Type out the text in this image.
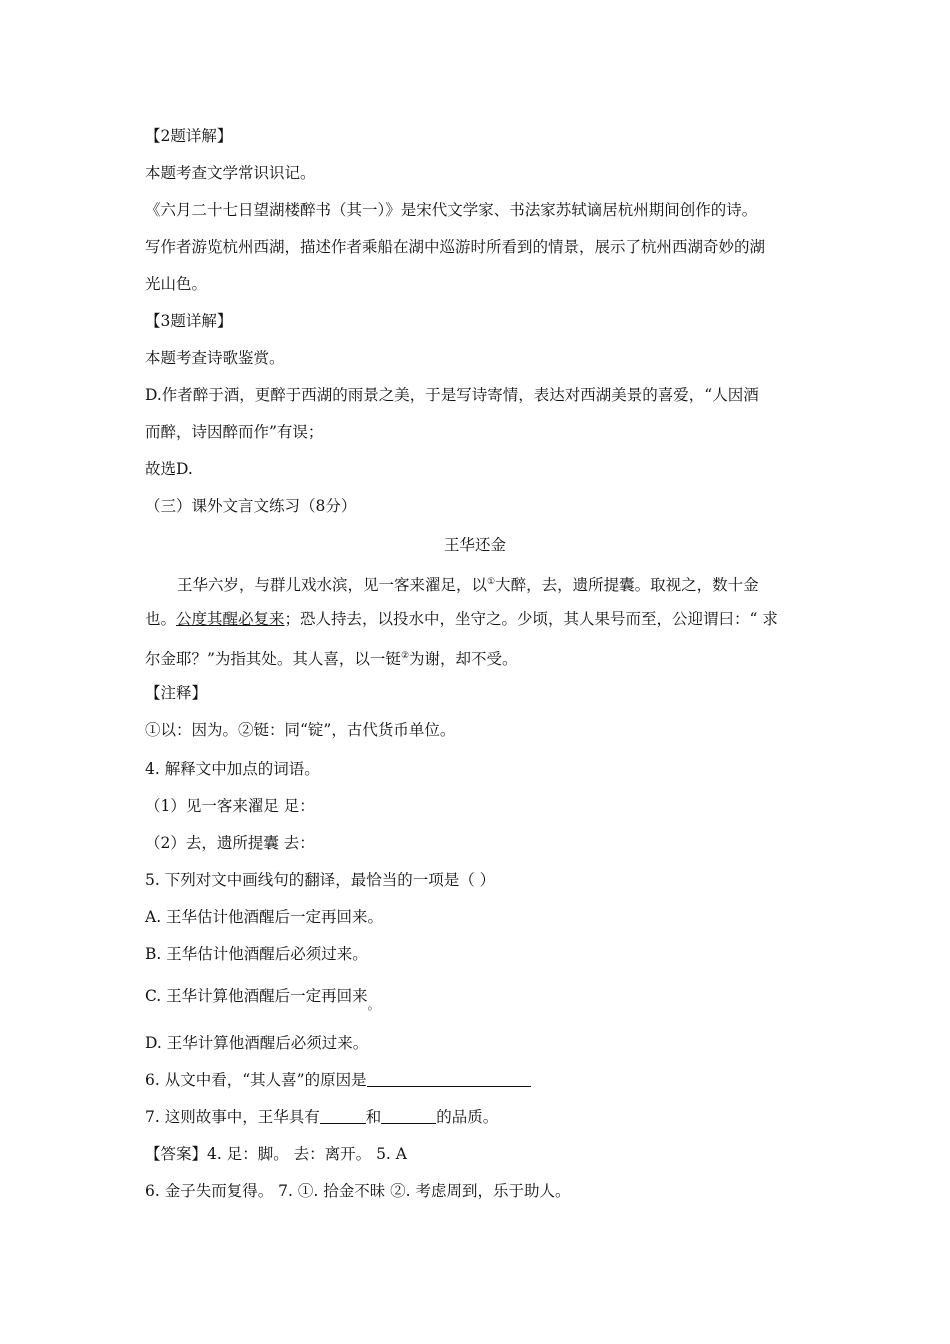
【2题详解】
本题考查文学常识识记。
《六月二十七日望湖楼醉书（其一）》是宋代文学家、书法家苏轼谪居杭州期间创作的诗。
写作者游览杭州西湖，描述作者乘船在湖中巡游时所看到的情景，展示了杭州西湖奇妙的湖
光山色。
【3题详解】
本题考查诗歌鉴赏。
D.作者醉于酒，更醉于西湖的雨景之美，于是写诗寄情，表达对西湖美景的喜爱，“人因酒
而醉，诗因醉而作”有误；
故选D.
（三）课外文言文练习（8分）
王华还金
王华六岁，与群儿戏水滨，见一客来濯足，以①大醉，去，遗所提囊。取视之，数十金
也。公度其醒必复来；恐人持去，以投水中，坐守之。少顷，其人果号而至，公迎谓曰：“ 求
尔金耶？”为指其处。其人喜，以一铤②为谢，却不受。
【注释】
①以：因为。②铤：同“锭”，古代货币单位。
4. 解释文中加点的词语。
（1）见一客来濯足 足：
（2）去，遗所提囊 去：
5. 下列对文中画线句的翻译，最恰当的一项是（ ）
A. 王华估计他酒醒后一定再回来。
B. 王华估计他酒醒后必须过来。
C. 王华计算他酒醒后一定再回来$_。$
D. 王华计算他酒醒后必须过来。
6. 从文中看，“其人喜”的原因是
7. 这则故事中，王华具有	和	的品质。
【答案】4. 足：脚。 去：离开。 5. A
6. 金子失而复得。 7. ①. 拾金不昧 ②. 考虑周到，乐于助人。
